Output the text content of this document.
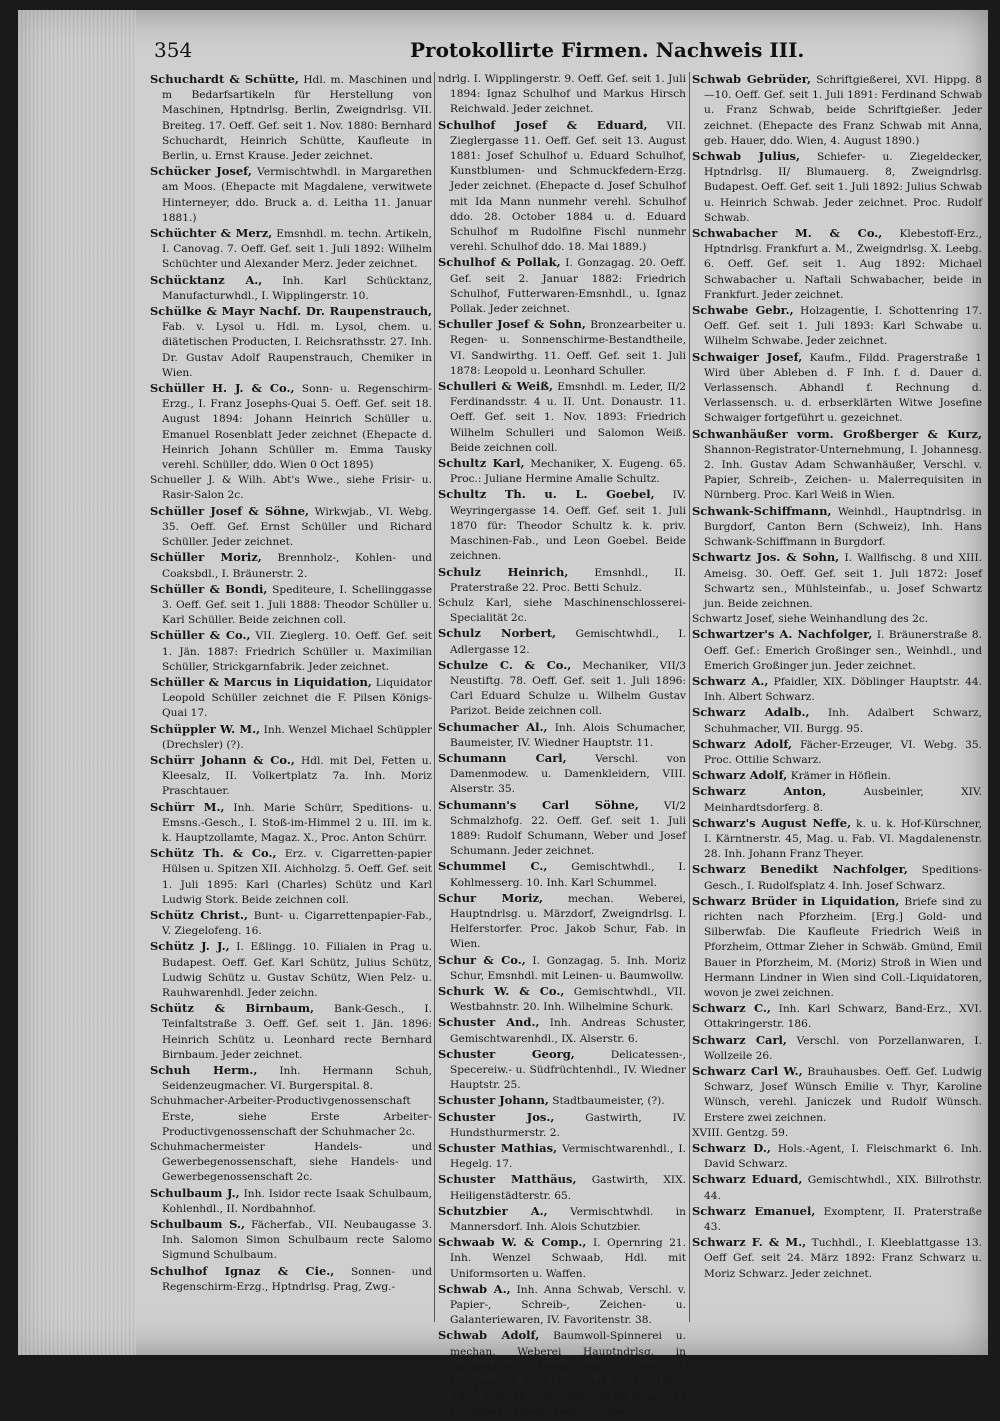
354	Protokollirte Firmen. Nachweis III.

Schuchardt & Schütte, Hdl. m. Maschinen und m Bedarfsartikeln für Herstellung von Maschinen, Hptndrlsg. Berlin, Zweigndrlsg. VII. Breiteg. 17. Oeff. Gef. seit 1. Nov. 1880: Bernhard Schuchardt, Heinrich Schütte, Kaufleute in Berlin, u. Ernst Krause. Jeder zeichnet.

Schücker Josef, Vermischtwhdl. in Margarethen am Moos. (Ehepacte mit Magdalene, verwitwete Hinterneyer, ddo. Bruck a. d. Leitha 11. Januar 1881.)

Schüchter & Merz, Emsnhdl. m. techn. Artikeln, I. Canovag. 7. Oeff. Gef. seit 1. Juli 1892: Wilhelm Schüchter und Alexander Merz. Jeder zeichnet.

Schücktanz A., Inh. Karl Schücktanz, Manufacturwhdl., I. Wipplingerstr. 10.

Schülke & Mayr Nachf. Dr. Raupenstrauch, Fab. v. Lysol u. Hdl. m. Lysol, chem. u. diätetischen Producten, I. Reichsrathsstr. 27. Inh. Dr. Gustav Adolf Raupenstrauch, Chemiker in Wien.

Schüller H. J. & Co., Sonn- u. Regenschirm-Erzg., I. Franz Josephs-Quai 5. Oeff. Gef. seit 18. August 1894: Johann Heinrich Schüller u. Emanuel Rosenblatt Jeder zeichnet (Ehepacte d. Heinrich Johann Schüller m. Emma Tausky verehl. Schüller, ddo. Wien 0 Oct 1895)

Schueller J. & Wilh. Abt's Wwe., siehe Frisir- u. Rasir-Salon 2c.

Schüller Josef & Söhne, Wirkwjab., VI. Webg. 35. Oeff. Gef. Ernst Schüller und Richard Schüller. Jeder zeichnet.

Schüller Moriz, Brennholz-, Kohlen- und Coaksbdl., I. Bräunerstr. 2.

Schüller & Bondi, Spediteure, I. Schellinggasse 3. Oeff. Gef. seit 1. Juli 1888: Theodor Schüller u. Karl Schüller. Beide zeichnen coll.

Schüller & Co., VII. Zieglerg. 10. Oeff. Gef. seit 1. Jän. 1887: Friedrich Schüller u. Maximilian Schüller, Strickgarnfabrik. Jeder zeichnet.

Schüller & Marcus in Liquidation, Liquidator Leopold Schüller zeichnet die F. Pilsen Königs-Quai 17.

Schüppler W. M., Inh. Wenzel Michael Schüppler (Drechsler) (?).

Schürr Johann & Co., Hdl. mit Del, Fetten u. Kleesalz, II. Volkertplatz 7a. Inh. Moriz Praschtauer.

Schürr M., Inh. Marie Schürr, Speditions- u. Emsns.-Gesch., I. Stoß-im-Himmel 2 u. III. im k. k. Hauptzollamte, Magaz. X., Proc. Anton Schürr.

Schütz Th. & Co., Erz. v. Cigarretten-papier Hülsen u. Spitzen XII. Aichholzg. 5. Oeff. Gef. seit 1. Juli 1895: Karl (Charles) Schütz und Karl Ludwig Stork. Beide zeichnen coll.

Schütz Christ., Bunt- u. Cigarrettenpapier-Fab., V. Ziegelofeng. 16.

Schütz J. J., I. Eßlingg. 10. Filialen in Prag u. Budapest. Oeff. Gef. Karl Schütz, Julius Schütz, Ludwig Schütz u. Gustav Schütz, Wien Pelz- u. Rauhwarenhdl. Jeder zeichn.

Schütz & Birnbaum, Bank-Gesch., I. Teinfaltstraße 3. Oeff. Gef. seit 1. Jän. 1896: Heinrich Schütz u. Leonhard recte Bernhard Birnbaum. Jeder zeichnet.

Schuh Herm., Inh. Hermann Schuh, Seidenzeugmacher. VI. Burgerspital. 8.

Schuhmacher-Arbeiter-Productivgenossenschaft Erste, siehe Erste Arbeiter-Productivgenossenschaft der Schuhmacher 2c.

Schuhmachermeister Handels- und Gewerbegenossenschaft, siehe Handels- und Gewerbegenossenschaft 2c.

Schulbaum J., Inh. Isidor recte Isaak Schulbaum, Kohlenhdl., II. Nordbahnhof.

Schulbaum S., Fächerfab., VII. Neubaugasse 3. Inh. Salomon Simon Schulbaum recte Salomo Sigmund Schulbaum.

Schulhof Ignaz & Cie., Sonnen- und Regenschirm-Erzg., Hptndrlsg. Prag, Zwg.-

ndrlg. I. Wipplingerstr. 9. Oeff. Gef. seit 1. Juli 1894: Ignaz Schulhof und Markus Hirsch Reichwald. Jeder zeichnet.

Schulhof Josef & Eduard, VII. Zieglergasse 11. Oeff. Gef. seit 13. August 1881: Josef Schulhof u. Eduard Schulhof, Kunstblumen- und Schmuckfedern-Erzg. Jeder zeichnet. (Ehepacte d. Josef Schulhof mit Ida Mann nunmehr verehl. Schulhof ddo. 28. October 1884 u. d. Eduard Schulhof m Rudolfine Fischl nunmehr verehl. Schulhof ddo. 18. Mai 1889.)

Schulhof & Pollak, I. Gonzagag. 20. Oeff. Gef. seit 2. Januar 1882: Friedrich Schulhof, Futterwaren-Emsnhdl., u. Ignaz Pollak. Jeder zeichnet.

Schuller Josef & Sohn, Bronzearbeiter u. Regen- u. Sonnenschirme-Bestandtheile, VI. Sandwirthg. 11. Oeff. Gef. seit 1. Juli 1878: Leopold u. Leonhard Schuller.

Schulleri & Weiß, Emsnhdl. m. Leder, II/2 Ferdinandsstr. 4 u. II. Unt. Donaustr. 11. Oeff. Gef. seit 1. Nov. 1893: Friedrich Wilhelm Schulleri und Salomon Weiß. Beide zeichnen coll.

Schultz Karl, Mechaniker, X. Eugeng. 65. Proc.: Juliane Hermine Amalie Schultz.

Schultz Th. u. L. Goebel, IV. Weyringergasse 14. Oeff. Gef. seit 1. Juli 1870 für: Theodor Schultz k. k. priv. Maschinen-Fab., und Leon Goebel. Beide zeichnen.

Schulz Heinrich, Emsnhdl., II. Praterstraße 22. Proc. Betti Schulz.

Schulz Karl, siehe Maschinenschlosserei-Specialität 2c.

Schulz Norbert, Gemischtwhdl., I. Adlergasse 12.

Schulze C. & Co., Mechaniker, VII/3 Neustiftg. 78. Oeff. Gef. seit 1. Juli 1896: Carl Eduard Schulze u. Wilhelm Gustav Parizot. Beide zeichnen coll.

Schumacher Al., Inh. Alois Schumacher, Baumeister, IV. Wiedner Hauptstr. 11.

Schumann Carl,	Verschl. von Damenmodew. u. Damenkleidern, VIII. Alserstr. 35.

Schumann's Carl Söhne, VI/2 Schmalzhofg. 22. Oeff. Gef. seit 1. Juli 1889: Rudolf Schumann, Weber und Josef Schumann. Jeder zeichnet.

Schummel C., Gemischtwhdl., I. Kohlmesserg. 10. Inh. Karl Schummel.

Schur Moriz, mechan. Weberei, Hauptndrlsg. u. Märzdorf, Zweigndrlsg. I. Helferstorfer. Proc. Jakob Schur, Fab. in Wien.

Schur & Co., I. Gonzagag. 5. Inh. Moriz Schur, Emsnhdl. mit Leinen- u. Baumwollw.

Schurk W. & Co., Gemischtwhdl., VII. Westbahnstr. 20. Inh. Wilhelmine Schurk.

Schuster And., Inh. Andreas Schuster, Gemischtwarenhdl., IX. Alserstr. 6.

Schuster Georg,	Delicatessen-, Specereiw.- u. Südfrüchtenhdl., IV. Wiedner Hauptstr. 25.

Schuster Johann, Stadtbaumeister, (?).

Schuster Jos.,	Gastwirth, IV. Hundsthurmerstr. 2.

Schuster Mathias, Vermischtwarenhdl., I. Hegelg. 17.

Schuster Matthäus, Gastwirth, XIX. Heiligenstädterstr. 65.

Schutzbier A., Vermischtwhdl. in Mannersdorf. Inh. Alois Schutzbier.

Schwaab W. & Comp., I. Opernring 21. Inh. Wenzel Schwaab, Hdl. mit Uniformsorten u. Waffen.

Schwab A., Inh. Anna Schwab, Verschl. v. Papier-, Schreib-, Zeichen- u. Galanteriewaren, IV. Favoritenstr. 38.

Schwab Adolf, Baumwoll-Spinnerei u. mechan. Weberei Hauptndrlsg. in Rachendorf, Zweigndrlsg. Wien. I. Heßgasse 1. Oeff. Gef. seit 1. Jän. 1886: Adolf Schwab, Felix Schwab in Wien und Dr. Albert Schwab. Jeder zeichnet.

Schwab Gebrüder, Schriftgießerei, XVI. Hippg. 8—10. Oeff. Gef. seit 1. Juli 1891: Ferdinand Schwab u. Franz Schwab, beide Schriftgießer. Jeder zeichnet. (Ehepacte des Franz Schwab mit Anna, geb. Hauer, ddo. Wien, 4. August 1890.)

Schwab Julius, Schiefer- u. Ziegeldecker, Hptndrlsg. II/ Blumauerg. 8, Zweigndrlsg. Budapest. Oeff. Gef. seit 1. Juli 1892: Julius Schwab u. Heinrich Schwab. Jeder zeichnet. Proc. Rudolf Schwab.

Schwabacher M. & Co., Klebestoff-Erz., Hptndrlsg. Frankfurt a. M., Zweigndrlsg. X. Leebg. 6. Oeff. Gef. seit 1. Aug 1892: Michael Schwabacher u. Naftali Schwabacher, beide in Frankfurt. Jeder zeichnet.

Schwabe Gebr., Holzagentie, I. Schottenring 17. Oeff. Gef. seit 1. Juli 1893: Karl Schwabe u. Wilhelm Schwabe. Jeder zeichnet.

Schwaiger Josef, Kaufm., Fildd. Pragerstraße 1 Wird über Ableben d. F Inh. f. d. Dauer d. Verlassensch. Abhandl f. Rechnung d. Verlassensch. u. d. erbserklärten Witwe Josefine Schwaiger fortgeführt u. gezeichnet.

Schwanhäußer vorm. Großberger & Kurz, Shannon-Registrator-Unternehmung, I. Johannesg. 2. Inh. Gustav Adam Schwanhäußer, Verschl. v. Papier, Schreib-, Zeichen- u. Malerrequisiten in Nürnberg. Proc. Karl Weiß in Wien.

Schwank-Schiffmann, Weinhdl., Hauptndrlsg. in Burgdorf, Canton Bern (Schweiz), Inh. Hans Schwank-Schiffmann in Burgdorf.

Schwartz Jos. & Sohn, I. Wallfischg. 8 und XIII. Ameisg. 30. Oeff. Gef. seit 1. Juli 1872: Josef Schwartz sen., Mühlsteinfab., u. Josef Schwartz jun. Beide zeichnen.

Schwartz Josef, siehe Weinhandlung des 2c.

Schwartzer's A. Nachfolger, I. Bräunerstraße 8. Oeff. Gef.: Emerich Großinger sen., Weinhdl., und Emerich Großinger jun. Jeder zeichnet.

Schwarz A., Pfaidler, XIX. Döblinger Hauptstr. 44. Inh. Albert Schwarz.

Schwarz Adalb., Inh. Adalbert Schwarz, Schuhmacher, VII. Burgg. 95.

Schwarz Adolf, Fächer-Erzeuger, VI. Webg. 35. Proc. Ottilie Schwarz.

Schwarz Adolf, Krämer in Höflein.

Schwarz Anton,	Ausbeinler, XIV. Meinhardtsdorferg. 8.

Schwarz's August Neffe, k. u. k. Hof-Kürschner, I. Kärntnerstr. 45, Mag. u. Fab. VI. Magdalenenstr. 28. Inh. Johann Franz Theyer.

Schwarz Benedikt Nachfolger, Speditions-Gesch., I. Rudolfsplatz 4. Inh. Josef Schwarz.

Schwarz Brüder in Liquidation, Briefe sind zu richten nach Pforzheim. [Erg.] Gold- und Silberwfab. Die Kaufleute Friedrich Weiß in Pforzheim, Ottmar Zieher in Schwäb. Gmünd, Emil Bauer in Pforzheim, M. (Moriz) Stroß in Wien und Hermann Lindner in Wien sind Coll.-Liquidatoren, wovon je zwei zeichnen.

Schwarz C., Inh. Karl Schwarz, Band-Erz., XVI. Ottakringerstr. 186.

Schwarz Carl, Verschl. von Porzellanwaren, I. Wollzeile 26.

Schwarz Carl W., Brauhausbes. Oeff. Gef. Ludwig Schwarz, Josef Wünsch Emilie v. Thyr, Karoline Wünsch, verehl. Janiczek und Rudolf Wünsch. Erstere zwei zeichnen.

XVIII. Gentzg. 59.

Schwarz D., Hols.-Agent, I. Fleischmarkt 6. Inh. David Schwarz.

Schwarz Eduard, Gemischtwhdl., XIX. Billrothstr. 44.

Schwarz Emanuel, Exomptenr, II. Praterstraße 43.

Schwarz F. & M., Tuchhdl., I. Kleeblattgasse 13. Oeff Gef. seit 24. März 1892: Franz Schwarz u. Moriz Schwarz. Jeder zeichnet.
